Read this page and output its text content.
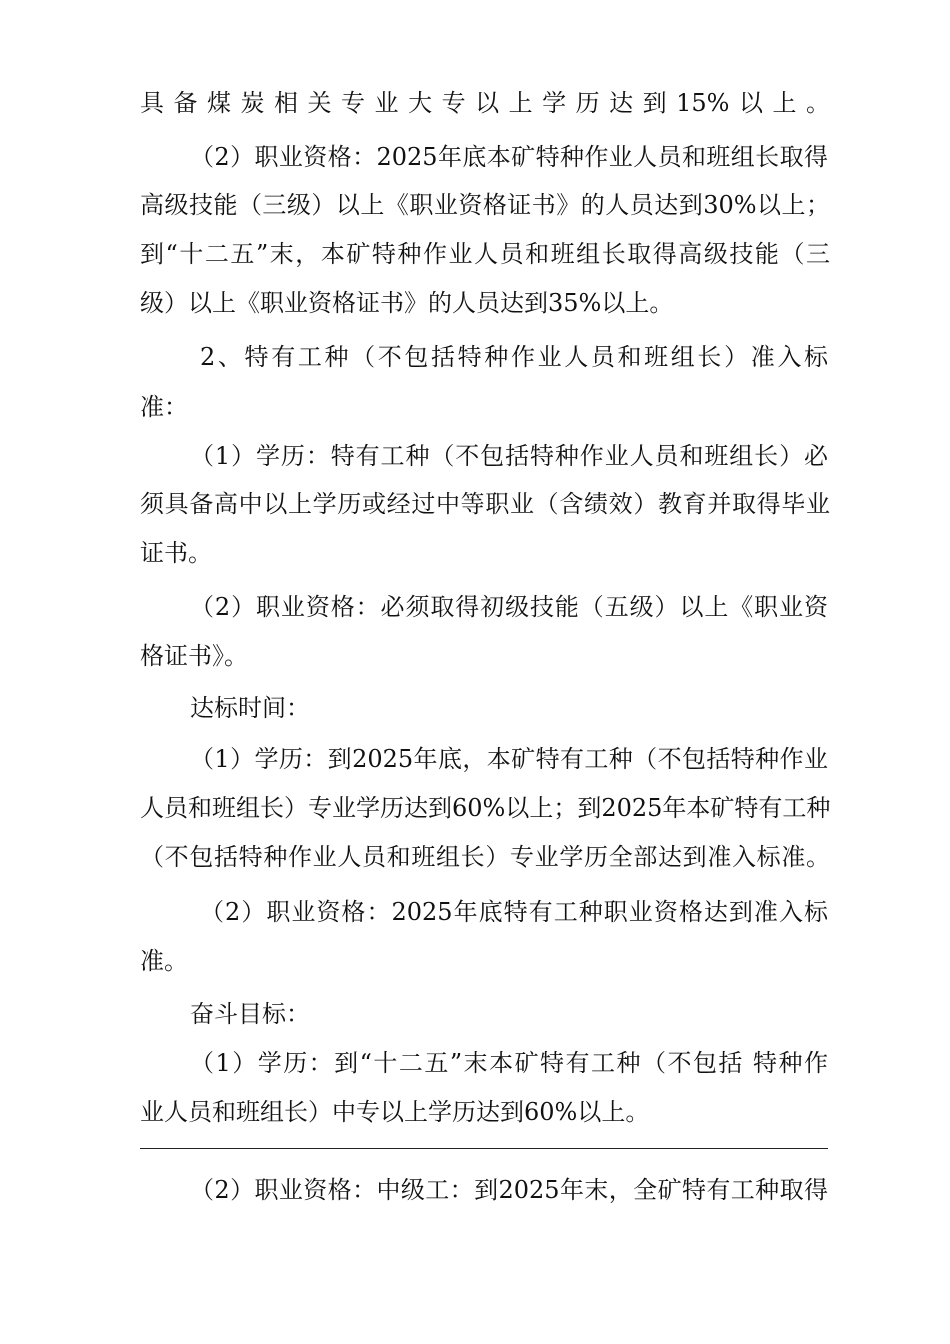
具备煤炭相关专业大专以上学历达到15%以上。
（2）职业资格：2025年底本矿特种作业人员和班组长取得
高级技能（三级）以上《职业资格证书》的人员达到30%以上；
到“十二五”末，本矿特种作业人员和班组长取得高级技能（三
级）以上《职业资格证书》的人员达到35%以上。
2、特有工种（不包括特种作业人员和班组长）准入标
准：
（1）学历：特有工种（不包括特种作业人员和班组长）必
须具备高中以上学历或经过中等职业（含绩效）教育并取得毕业
证书。
（2）职业资格：必须取得初级技能（五级）以上《职业资
格证书》。
达标时间：
（1）学历：到2025年底，本矿特有工种（不包括特种作业
人员和班组长）专业学历达到60%以上；到2025年本矿特有工种
（不包括特种作业人员和班组长）专业学历全部达到准入标准。
（2）职业资格：2025年底特有工种职业资格达到准入标
准。
奋斗目标：
（1）学历：到“十二五”末本矿特有工种（不包括 特种作
业人员和班组长）中专以上学历达到60%以上。
（2）职业资格：中级工：到2025年末，全矿特有工种取得
